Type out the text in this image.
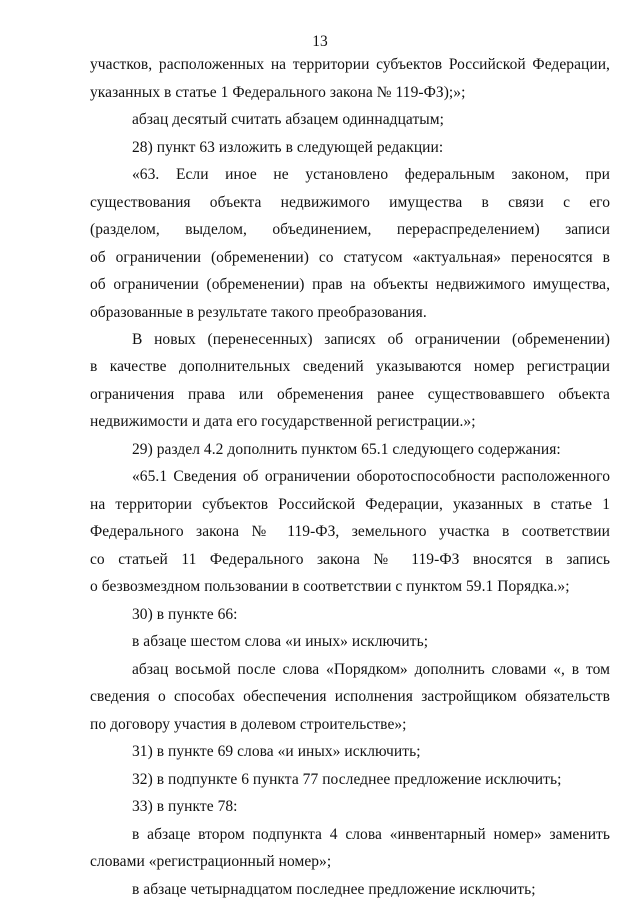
13
участков, расположенных на территории субъектов Российской Федерации,
указанных в статье 1 Федерального закона № 119-ФЗ);»;
абзац десятый считать абзацем одиннадцатым;
28) пункт 63 изложить в следующей редакции:
«63. Если иное не установлено федеральным законом, при
существования объекта недвижимого имущества в связи с его
(разделом, выделом, объединением, перераспределением) записи
об ограничении (обременении) со статусом «актуальная» переносятся в
об ограничении (обременении) прав на объекты недвижимого имущества,
образованные в результате такого преобразования.
В новых (перенесенных) записях об ограничении (обременении)
в качестве дополнительных сведений указываются номер регистрации
ограничения права или обременения ранее существовавшего объекта
недвижимости и дата его государственной регистрации.»;
29) раздел 4.2 дополнить пунктом 65.1 следующего содержания:
«65.1 Сведения об ограничении оборотоспособности расположенного
на территории субъектов Российской Федерации, указанных в статье 1
Федерального закона № 119-ФЗ, земельного участка в соответствии
со статьей 11 Федерального закона № 119-ФЗ вносятся в запись
о безвозмездном пользовании в соответствии с пунктом 59.1 Порядка.»;
30) в пункте 66:
в абзаце шестом слова «и иных» исключить;
абзац восьмой после слова «Порядком» дополнить словами «, в том
сведения о способах обеспечения исполнения застройщиком обязательств
по договору участия в долевом строительстве»;
31) в пункте 69 слова «и иных» исключить;
32) в подпункте 6 пункта 77 последнее предложение исключить;
33) в пункте 78:
в абзаце втором подпункта 4 слова «инвентарный номер» заменить
словами «регистрационный номер»;
в абзаце четырнадцатом последнее предложение исключить;
